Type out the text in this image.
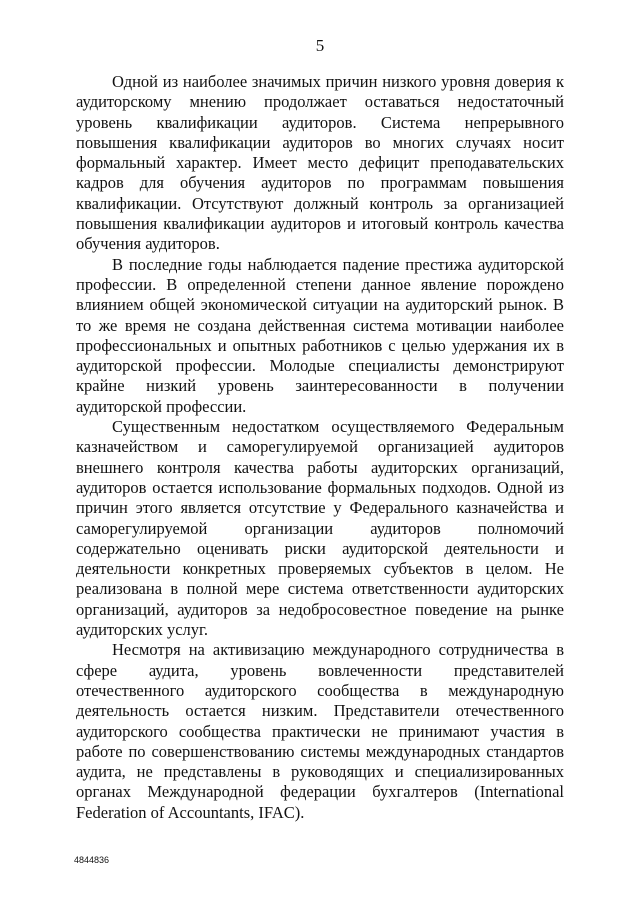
5

Одной из наиболее значимых причин низкого уровня доверия к аудиторскому мнению продолжает оставаться недостаточный уровень квалификации аудиторов. Система непрерывного повышения квалификации аудиторов во многих случаях носит формальный характер. Имеет место дефицит преподавательских кадров для обучения аудиторов по программам повышения квалификации. Отсутствуют должный контроль за организацией повышения квалификации аудиторов и итоговый контроль качества обучения аудиторов.

В последние годы наблюдается падение престижа аудиторской профессии. В определенной степени данное явление порождено влиянием общей экономической ситуации на аудиторский рынок. В то же время не создана действенная система мотивации наиболее профессиональных и опытных работников с целью удержания их в аудиторской профессии. Молодые специалисты демонстрируют крайне низкий уровень заинтересованности в получении аудиторской профессии.

Существенным недостатком осуществляемого Федеральным казначейством и саморегулируемой организацией аудиторов внешнего контроля качества работы аудиторских организаций, аудиторов остается использование формальных подходов. Одной из причин этого является отсутствие у Федерального казначейства и саморегулируемой организации аудиторов полномочий содержательно оценивать риски аудиторской деятельности и деятельности конкретных проверяемых субъектов в целом. Не реализована в полной мере система ответственности аудиторских организаций, аудиторов за недобросовестное поведение на рынке аудиторских услуг.

Несмотря на активизацию международного сотрудничества в сфере аудита, уровень вовлеченности представителей отечественного аудиторского сообщества в международную деятельность остается низким. Представители отечественного аудиторского сообщества практически не принимают участия в работе по совершенствованию системы международных стандартов аудита, не представлены в руководящих и специализированных органах Международной федерации бухгалтеров (International Federation of Accountants, IFAC).

4844836
